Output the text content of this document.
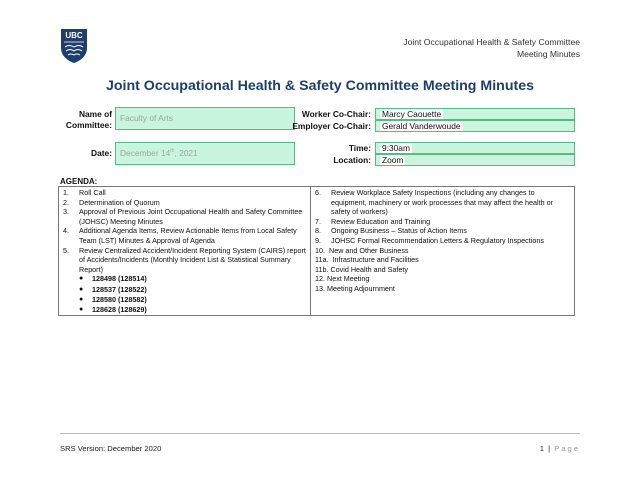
UBC
Joint Occupational Health & Safety Committee
Meeting Minutes
Joint Occupational Health & Safety Committee Meeting Minutes
Name of
Committee:
Faculty of Arts
Date: December 14th, 2021
Worker Co-Chair:	Marcy Caouette
Employer Co-Chair:	Gerald Vanderwoude
Time:	9:30am
Location:	Zoom
AGENDA:
1.	Roll Call
2.	Determination of Quorum
3.	Approval of Previous Joint Occupational Health and Safety Committee (JOHSC) Meeting Minutes
4.	Additional Agenda Items, Review Actionable Items from Local Safety Team (LST) Minutes & Approval of Agenda
5.	Review Centralized Accident/Incident Reporting System (CAIRS) report of Accidents/Incidents (Monthly Incident List & Statistical Summary Report)
●	128498 (128514)
●	128537 (128522)
●	128580 (128582)
●	128628 (128629)
6.	Review Workplace Safety Inspections (including any changes to equipment, machinery or work processes that may affect the health or safety of workers)
7.	Review Education and Training
8.	Ongoing Business – Status of Action Items
9.	JOHSC Formal Recommendation Letters & Regulatory Inspections
10.
New and Other Business
11a.
Infrastructure and Facilities
11b.
Covid Health and Safety
12.
Next Meeting
13.
Meeting Adjournment
SRS Version: December 2020	1 | Page
